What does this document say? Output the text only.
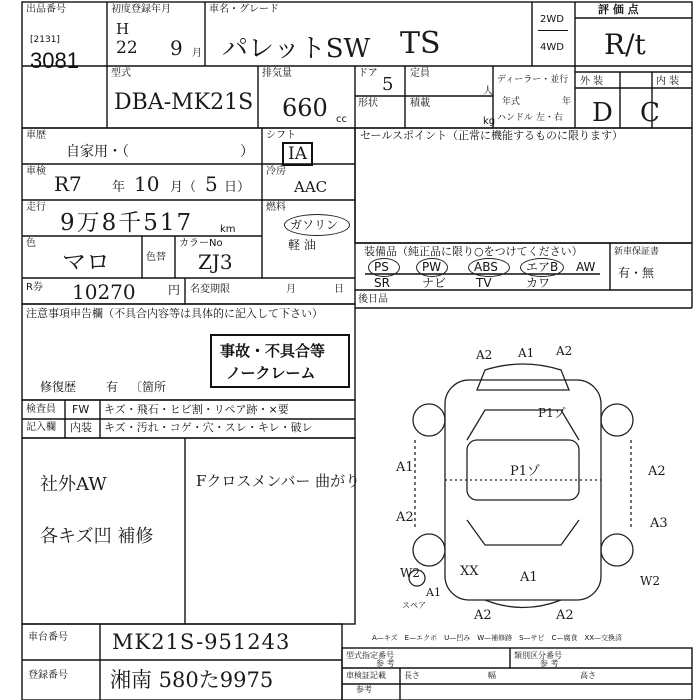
出品番号
[2131]
3081
初度登録年月
H
22 9 月
車名・グレード
パレットSW TS
2WD
4WD
評 価 点
R/t
型式
DBA-MK21S
排気量
660 cc
ドア
5
定員
形状	積載
人
kg
ディーラー・並行
年式	年
ハンドル 左・右
外 装	内 装
D C
車歴
自家用・（	）
車検
R7 年 10 月（ 5 日）
走行
9万8千517	km
色
マロ	色替
カラーNo
ZJ3
R券 10270	円 名変期限	月	日
シフト
IA
冷房
AAC
燃料
ガソリン
軽 油
セールスポイント（正常に機能するものに限ります）
装備品（純正品に限り○をつけてください）	新車保証書
有・無
PS	PW	ABS エアB AW
SR	ナビ TV	カワ
後日品
注意事項申告欄（不具合内容等は具体的に記入して下さい）
事故・不具合等
ノークレーム
修復歴 有 〔箇所
検査員
記入欄
FW キズ・飛石・ヒビ割・リペア跡・×要
内装 キズ・汚れ・コゲ・穴・スレ・キレ・破レ
社外AW
各キズ凹 補修
Fクロスメンバー 曲がり
A2 A1 A2
P1ゾ
P1ゾ
A1	A2
A2	A3
W2	XX	A1	W2
A1
A2	A2
スペア
A—キズ　E—エクボ　U—凹み　W—補修跡　S—サビ　C—腐食　XX—交換済
車台番号 MK21S-951243
登録番号 湘南 580た9975
型式指定番号
参 考
類別区分番号
参 考
車検証記載
参考
長さ	幅	高さ
